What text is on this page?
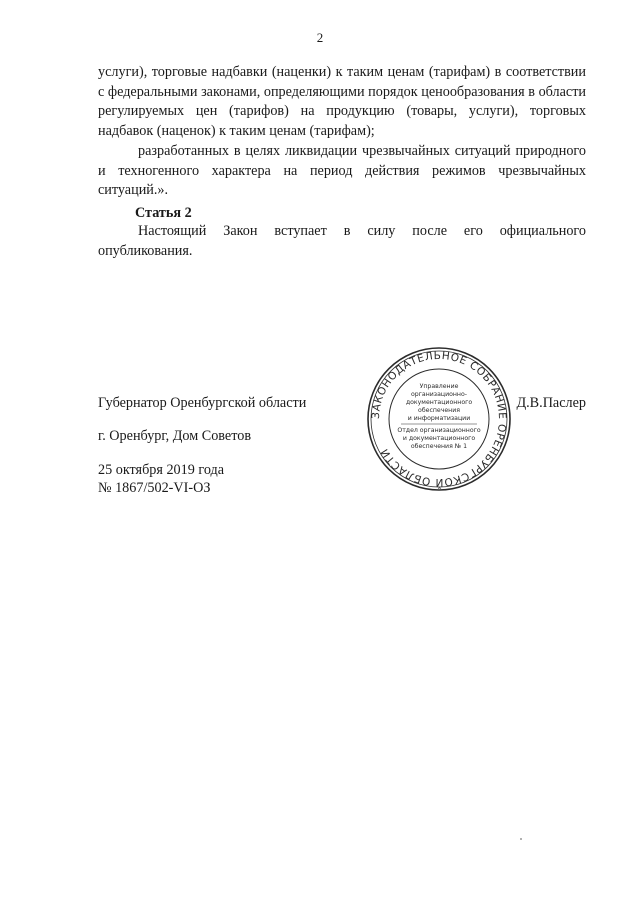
2

услуги), торговые надбавки (наценки) к таким ценам (тарифам) в соответствии с федеральными законами, определяющими порядок ценообразования в области регулируемых цен (тарифов) на продукцию (товары, услуги), торговых надбавок (наценок) к таким ценам (тарифам);

разработанных в целях ликвидации чрезвычайных ситуаций природного и техногенного характера на период действия режимов чрезвычайных ситуаций.».

Статья 2

Настоящий Закон вступает в силу после его официального опубликования.

Губернатор Оренбургской области	Д.В.Паслер
г. Оренбург, Дом Советов
25 октября 2019 года
№ 1867/502-VI-ОЗ
ЗАКОНОДАТЕЛЬНОЕ СОБРАНИЕ ОРЕНБУРГСКОЙ ОБЛАСТИ
Управление
организационно-
документационного
обеспечения
и информатизации
Отдел организационного
и документационного
обеспечения № 1
